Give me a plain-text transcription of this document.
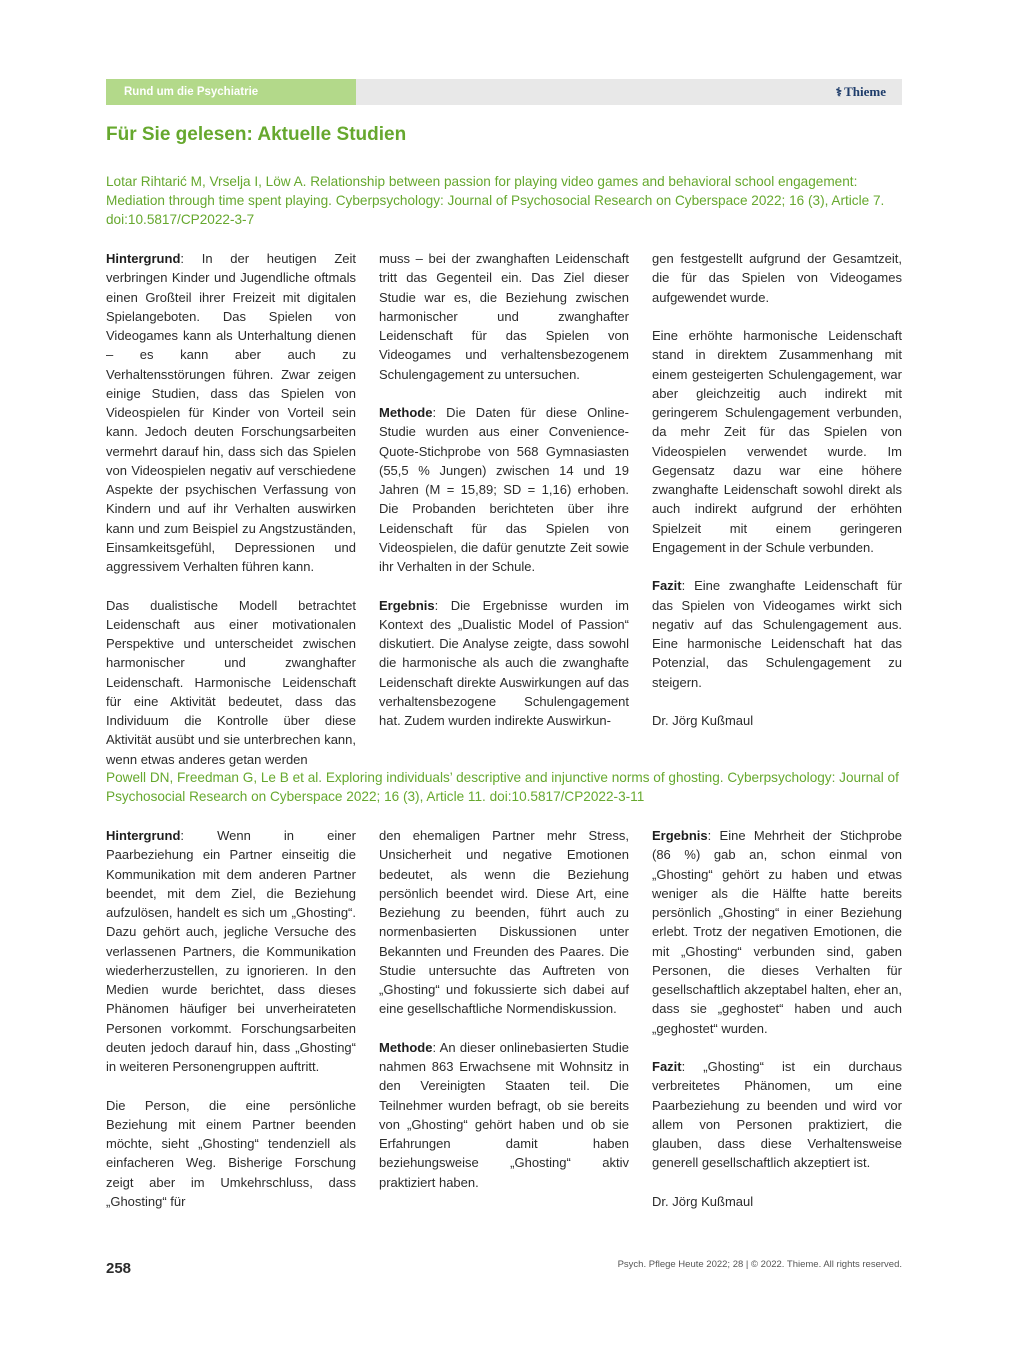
Rund um die Psychiatrie	⚕ Thieme
Für Sie gelesen: Aktuelle Studien

Lotar Rihtarić M, Vrselja I, Löw A. Relationship between passion for playing video games and behavioral school engagement: Mediation through time spent playing. Cyberpsychology: Journal of Psychosocial Research on Cyberspace 2022; 16 (3), Article 7. doi:10.5817/CP2022-3-7

Hintergrund: In der heutigen Zeit verbringen Kinder und Jugendliche oftmals einen Großteil ihrer Freizeit mit digitalen Spielangeboten. Das Spielen von Videogames kann als Unterhaltung dienen – es kann aber auch zu Verhaltensstörungen führen. Zwar zeigen einige Studien, dass das Spielen von Videospielen für Kinder von Vorteil sein kann. Jedoch deuten Forschungsarbeiten vermehrt darauf hin, dass sich das Spielen von Videospielen negativ auf verschiedene Aspekte der psychischen Verfassung von Kindern und auf ihr Verhalten auswirken kann und zum Beispiel zu Angstzuständen, Einsamkeitsgefühl, Depressionen und aggressivem Verhalten führen kann.

Das dualistische Modell betrachtet Leidenschaft aus einer motivationalen Perspektive und unterscheidet zwischen harmonischer und zwanghafter Leidenschaft. Harmonische Leidenschaft für eine Aktivität bedeutet, dass das Individuum die Kontrolle über diese Aktivität ausübt und sie unterbrechen kann, wenn etwas anderes getan werden

muss – bei der zwanghaften Leidenschaft tritt das Gegenteil ein. Das Ziel dieser Studie war es, die Beziehung zwischen harmonischer und zwanghafter Leidenschaft für das Spielen von Videogames und verhaltensbezogenem Schulengagement zu untersuchen.

Methode: Die Daten für diese Online-Studie wurden aus einer Convenience-Quote-Stichprobe von 568 Gymnasiasten (55,5 % Jungen) zwischen 14 und 19 Jahren (M = 15,89; SD = 1,16) erhoben. Die Probanden berichteten über ihre Leidenschaft für das Spielen von Videospielen, die dafür genutzte Zeit sowie ihr Verhalten in der Schule.

Ergebnis: Die Ergebnisse wurden im Kontext des „Dualistic Model of Passion“ diskutiert. Die Analyse zeigte, dass sowohl die harmonische als auch die zwanghafte Leidenschaft direkte Auswirkungen auf das verhaltensbezogene Schulengagement hat. Zudem wurden indirekte Auswirkun-

gen festgestellt aufgrund der Gesamtzeit, die für das Spielen von Videogames aufgewendet wurde.

Eine erhöhte harmonische Leidenschaft stand in direktem Zusammenhang mit einem gesteigerten Schulengagement, war aber gleichzeitig auch indirekt mit geringerem Schulengagement verbunden, da mehr Zeit für das Spielen von Videospielen verwendet wurde. Im Gegensatz dazu war eine höhere zwanghafte Leidenschaft sowohl direkt als auch indirekt aufgrund der erhöhten Spielzeit mit einem geringeren Engagement in der Schule verbunden.

Fazit: Eine zwanghafte Leidenschaft für das Spielen von Videogames wirkt sich negativ auf das Schulengagement aus. Eine harmonische Leidenschaft hat das Potenzial, das Schulengagement zu steigern.

Dr. Jörg Kußmaul

Powell DN, Freedman G, Le B et al. Exploring individuals’ descriptive and injunctive norms of ghosting. Cyberpsychology: Journal of Psychosocial Research on Cyberspace 2022; 16 (3), Article 11. doi:10.5817/CP2022-3-11

Hintergrund: Wenn in einer Paarbeziehung ein Partner einseitig die Kommunikation mit dem anderen Partner beendet, mit dem Ziel, die Beziehung aufzulösen, handelt es sich um „Ghosting“. Dazu gehört auch, jegliche Versuche des verlassenen Partners, die Kommunikation wiederherzustellen, zu ignorieren. In den Medien wurde berichtet, dass dieses Phänomen häufiger bei unverheirateten Personen vorkommt. Forschungsarbeiten deuten jedoch darauf hin, dass „Ghosting“ in weiteren Personengruppen auftritt.

Die Person, die eine persönliche Beziehung mit einem Partner beenden möchte, sieht „Ghosting“ tendenziell als einfacheren Weg. Bisherige Forschung zeigt aber im Umkehrschluss, dass „Ghosting“ für

den ehemaligen Partner mehr Stress, Unsicherheit und negative Emotionen bedeutet, als wenn die Beziehung persönlich beendet wird. Diese Art, eine Beziehung zu beenden, führt auch zu normenbasierten Diskussionen unter Bekannten und Freunden des Paares. Die Studie untersuchte das Auftreten von „Ghosting“ und fokussierte sich dabei auf eine gesellschaftliche Normendiskussion.

Methode: An dieser onlinebasierten Studie nahmen 863 Erwachsene mit Wohnsitz in den Vereinigten Staaten teil. Die Teilnehmer wurden befragt, ob sie bereits von „Ghosting“ gehört haben und ob sie Erfahrungen damit haben beziehungsweise „Ghosting“ aktiv praktiziert haben.

Ergebnis: Eine Mehrheit der Stichprobe (86 %) gab an, schon einmal von „Ghosting“ gehört zu haben und etwas weniger als die Hälfte hatte bereits persönlich „Ghosting“ in einer Beziehung erlebt. Trotz der negativen Emotionen, die mit „Ghosting“ verbunden sind, gaben Personen, die dieses Verhalten für gesellschaftlich akzeptabel halten, eher an, dass sie „geghostet“ haben und auch „geghostet“ wurden.

Fazit: „Ghosting“ ist ein durchaus verbreitetes Phänomen, um eine Paarbeziehung zu beenden und wird vor allem von Personen praktiziert, die glauben, dass diese Verhaltensweise generell gesellschaftlich akzeptiert ist.

Dr. Jörg Kußmaul

258	Psych. Pflege Heute 2022; 28 | © 2022. Thieme. All rights reserved.
